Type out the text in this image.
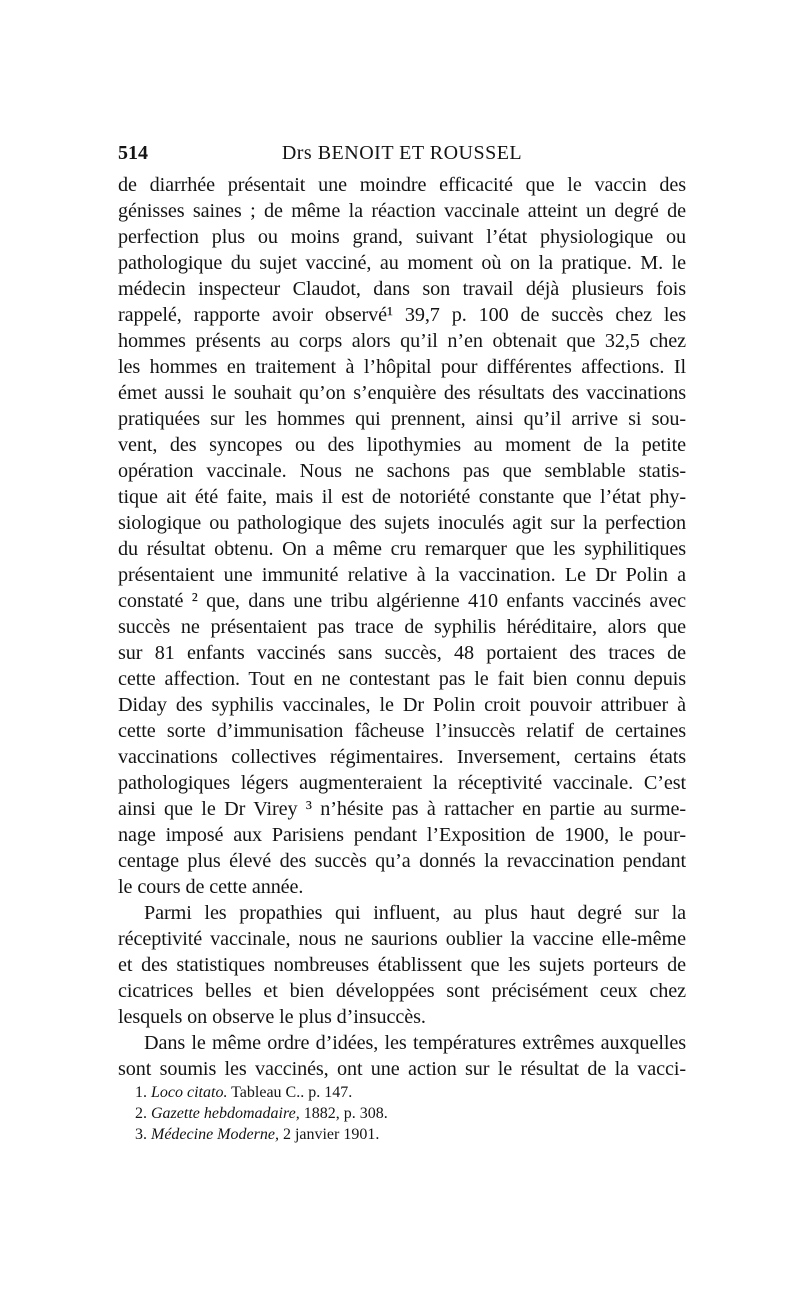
514	Drs BENOIT ET ROUSSEL

de diarrhée présentait une moindre efficacité que le vaccin des
génisses saines ; de même la réaction vaccinale atteint un degré de
perfection plus ou moins grand, suivant l’état physiologique ou
pathologique du sujet vacciné, au moment où on la pratique. M. le
médecin inspecteur Claudot, dans son travail déjà plusieurs fois
rappelé, rapporte avoir observé¹ 39,7 p. 100 de succès chez les
hommes présents au corps alors qu’il n’en obtenait que 32,5 chez
les hommes en traitement à l’hôpital pour différentes affections. Il
émet aussi le souhait qu’on s’enquière des résultats des vaccinations
pratiquées sur les hommes qui prennent, ainsi qu’il arrive si sou-
vent, des syncopes ou des lipothymies au moment de la petite
opération vaccinale. Nous ne sachons pas que semblable statis-
tique ait été faite, mais il est de notoriété constante que l’état phy-
siologique ou pathologique des sujets inoculés agit sur la perfection
du résultat obtenu. On a même cru remarquer que les syphilitiques
présentaient une immunité relative à la vaccination. Le Dr Polin a
constaté ² que, dans une tribu algérienne 410 enfants vaccinés avec
succès ne présentaient pas trace de syphilis héréditaire, alors que
sur 81 enfants vaccinés sans succès, 48 portaient des traces de
cette affection. Tout en ne contestant pas le fait bien connu depuis
Diday des syphilis vaccinales, le Dr Polin croit pouvoir attribuer à
cette sorte d’immunisation fâcheuse l’insuccès relatif de certaines
vaccinations collectives régimentaires. Inversement, certains états
pathologiques légers augmenteraient la réceptivité vaccinale. C’est
ainsi que le Dr Virey ³ n’hésite pas à rattacher en partie au surme-
nage imposé aux Parisiens pendant l’Exposition de 1900, le pour-
centage plus élevé des succès qu’a donnés la revaccination pendant
le cours de cette année.

Parmi les propathies qui influent, au plus haut degré sur la
réceptivité vaccinale, nous ne saurions oublier la vaccine elle-même
et des statistiques nombreuses établissent que les sujets porteurs de
cicatrices belles et bien développées sont précisément ceux chez
lesquels on observe le plus d’insuccès.

Dans le même ordre d’idées, les températures extrêmes auxquelles
sont soumis les vaccinés, ont une action sur le résultat de la vacci-

1. Loco citato. Tableau C.. p. 147.
2. Gazette hebdomadaire, 1882, p. 308.
3. Médecine Moderne, 2 janvier 1901.
